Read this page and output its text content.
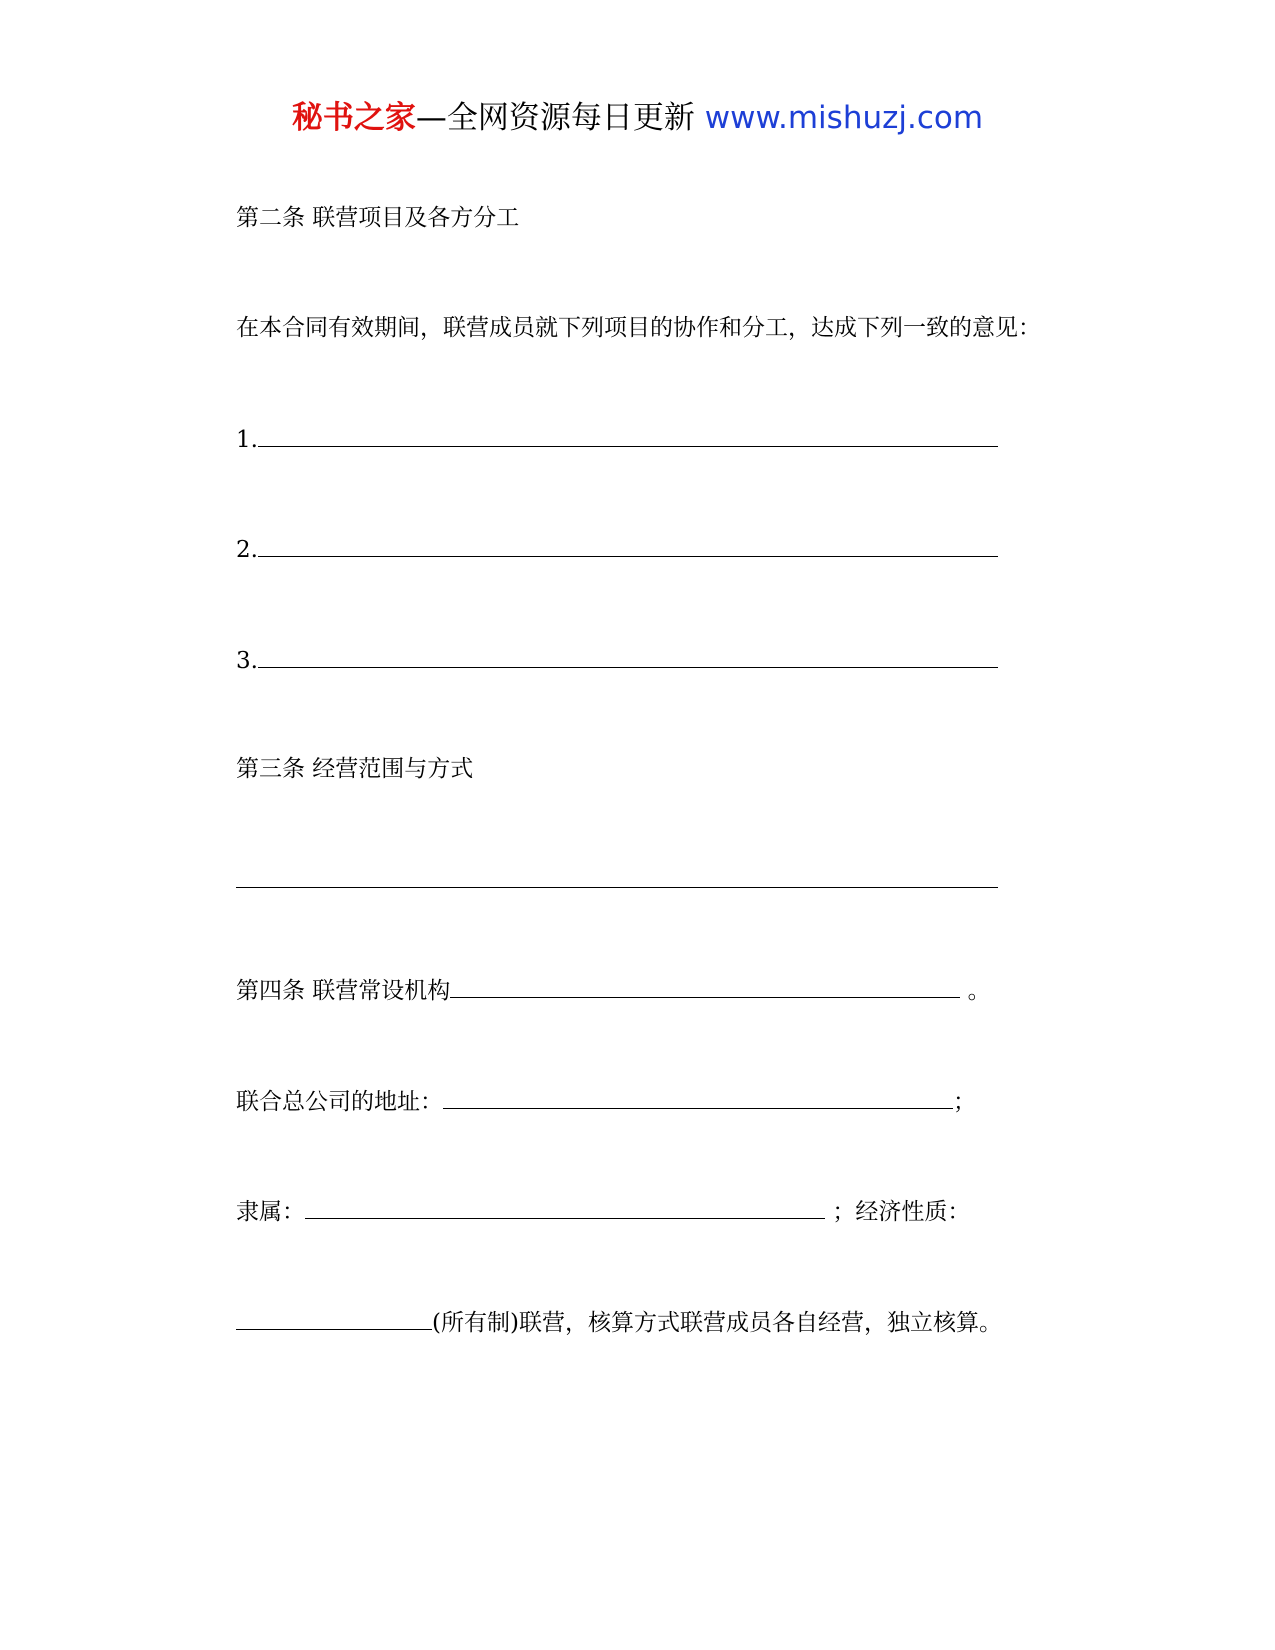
秘书之家—全网资源每日更新 www.mishuzj.com
第二条 联营项目及各方分工
在本合同有效期间，联营成员就下列项目的协作和分工，达成下列一致的意见：
1.
2.
3.
第三条 经营范围与方式
第四条 联营常设机构	。
联合总公司的地址：	；
隶属：	；经济性质：
(所有制)联营，核算方式联营成员各自经营，独立核算。
